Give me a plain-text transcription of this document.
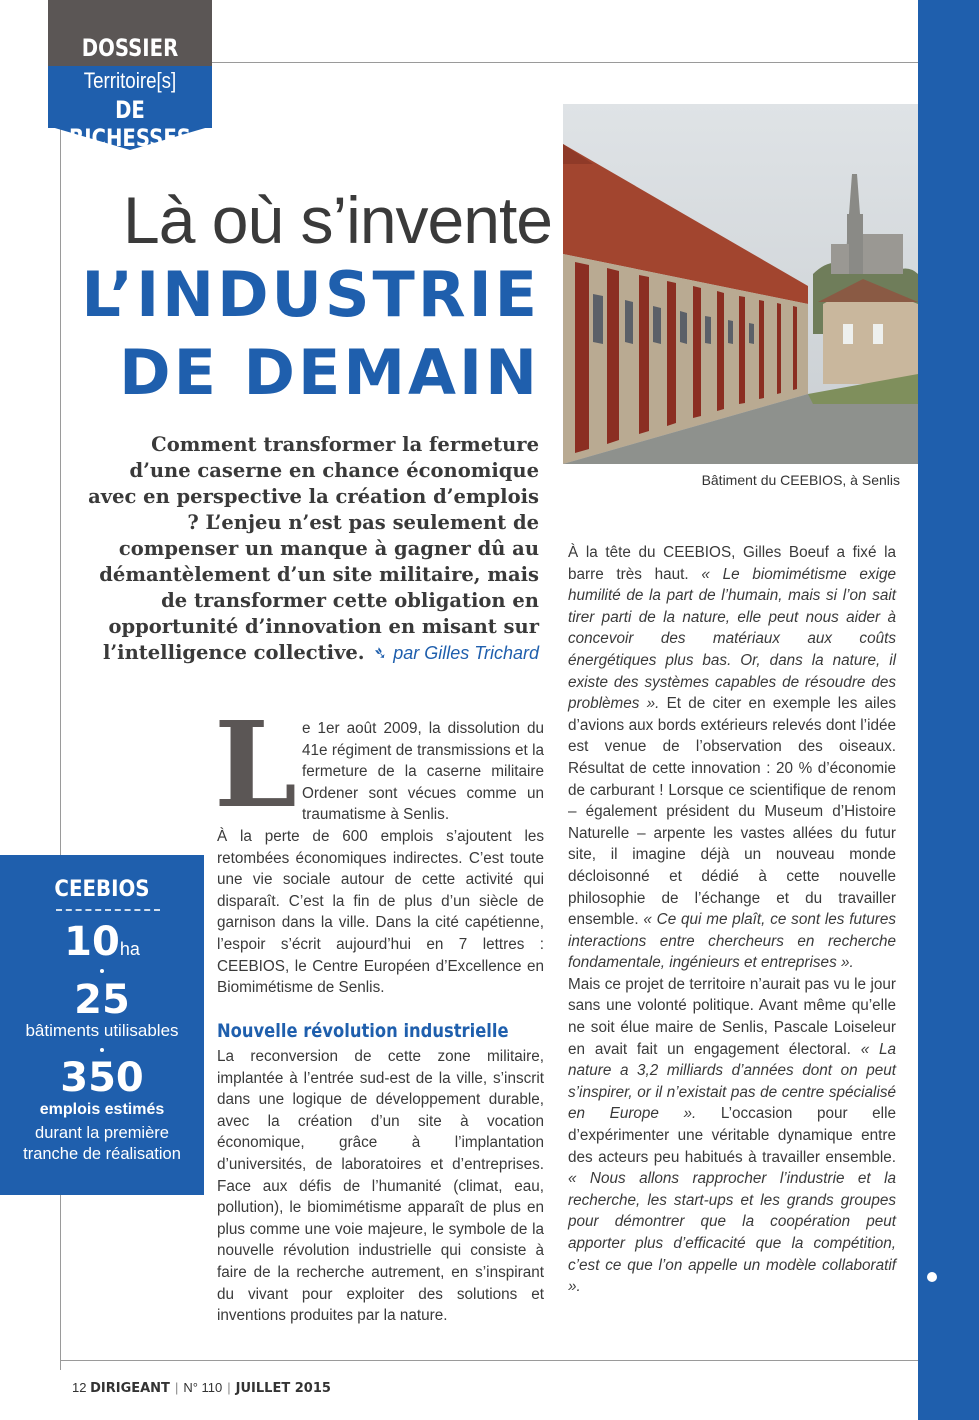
DOSSIER
Territoire[s]
DE RICHESSES
Là où s’invente
L’INDUSTRIE
DE DEMAIN
Bâtiment du CEEBIOS, à Senlis
Comment transformer la fermeture d’une caserne en chance économique avec en perspective la création d’emplois ? L’enjeu n’est pas seulement de compenser un manque à gagner dû au démantèlement d’un site militaire, mais de transformer cette obligation en opportunité d’innovation en misant sur l’intelligence collective. ➴ par Gilles Trichard
L e 1er août 2009, la dissolution du 41e régiment de transmissions et la fermeture de la caserne militaire Ordener sont vécues comme un traumatisme à Senlis.
À la perte de 600 emplois s’ajoutent les retombées économiques indirectes. C’est toute une vie sociale autour de cette activité qui disparaît. C’est la fin de plus d’un siècle de garnison dans la ville. Dans la cité capétienne, l’espoir s’écrit aujourd’hui en 7 lettres : CEEBIOS, le Centre Européen d’Excellence en Biomimétisme de Senlis.
Nouvelle révolution industrielle
La reconversion de cette zone militaire, implantée à l’entrée sud-est de la ville, s’inscrit dans une logique de développement durable, avec la création d’un site à vocation économique, grâce à l’implantation d’universités, de laboratoires et d’entreprises. Face aux défis de l’humanité (climat, eau, pollution), le biomimétisme apparaît de plus en plus comme une voie majeure, le symbole de la nouvelle révolution industrielle qui consiste à faire de la recherche autrement, en s’inspirant du vivant pour exploiter des solutions et inventions produites par la nature.
À la tête du CEEBIOS, Gilles Boeuf a fixé la barre très haut. « Le biomimétisme exige humilité de la part de l’humain, mais si l’on sait tirer parti de la nature, elle peut nous aider à concevoir des matériaux aux coûts énergétiques plus bas. Or, dans la nature, il existe des systèmes capables de résoudre des problèmes ». Et de citer en exemple les ailes d’avions aux bords extérieurs relevés dont l’idée est venue de l’observation des oiseaux. Résultat de cette innovation : 20 % d’économie de carburant ! Lorsque ce scientifique de renom – également président du Museum d’Histoire Naturelle – arpente les vastes allées du futur site, il imagine déjà un nouveau monde décloisonné et dédié à cette nouvelle philosophie de l’échange et du travailler ensemble. « Ce qui me plaît, ce sont les futures interactions entre chercheurs en recherche fondamentale, ingénieurs et entreprises ».
Mais ce projet de territoire n’aurait pas vu le jour sans une volonté politique. Avant même qu’elle ne soit élue maire de Senlis, Pascale Loiseleur en avait fait un engagement électoral. « La nature a 3,2 milliards d’années dont on peut s’inspirer, or il n’existait pas de centre spécialisé en Europe ». L’occasion pour elle d’expérimenter une véritable dynamique entre des acteurs peu habitués à travailler ensemble. « Nous allons rapprocher l’industrie et la recherche, les start-ups et les grands groupes pour démontrer que la coopération peut apporter plus d’efficacité que la compétition, c’est ce que l’on appelle un modèle collaboratif ».
CEEBIOS
10ha
25
bâtiments utilisables
350
emplois estimés
durant la première tranche de réalisation
12 DIRIGEANT | N° 110 | JUILLET 2015
